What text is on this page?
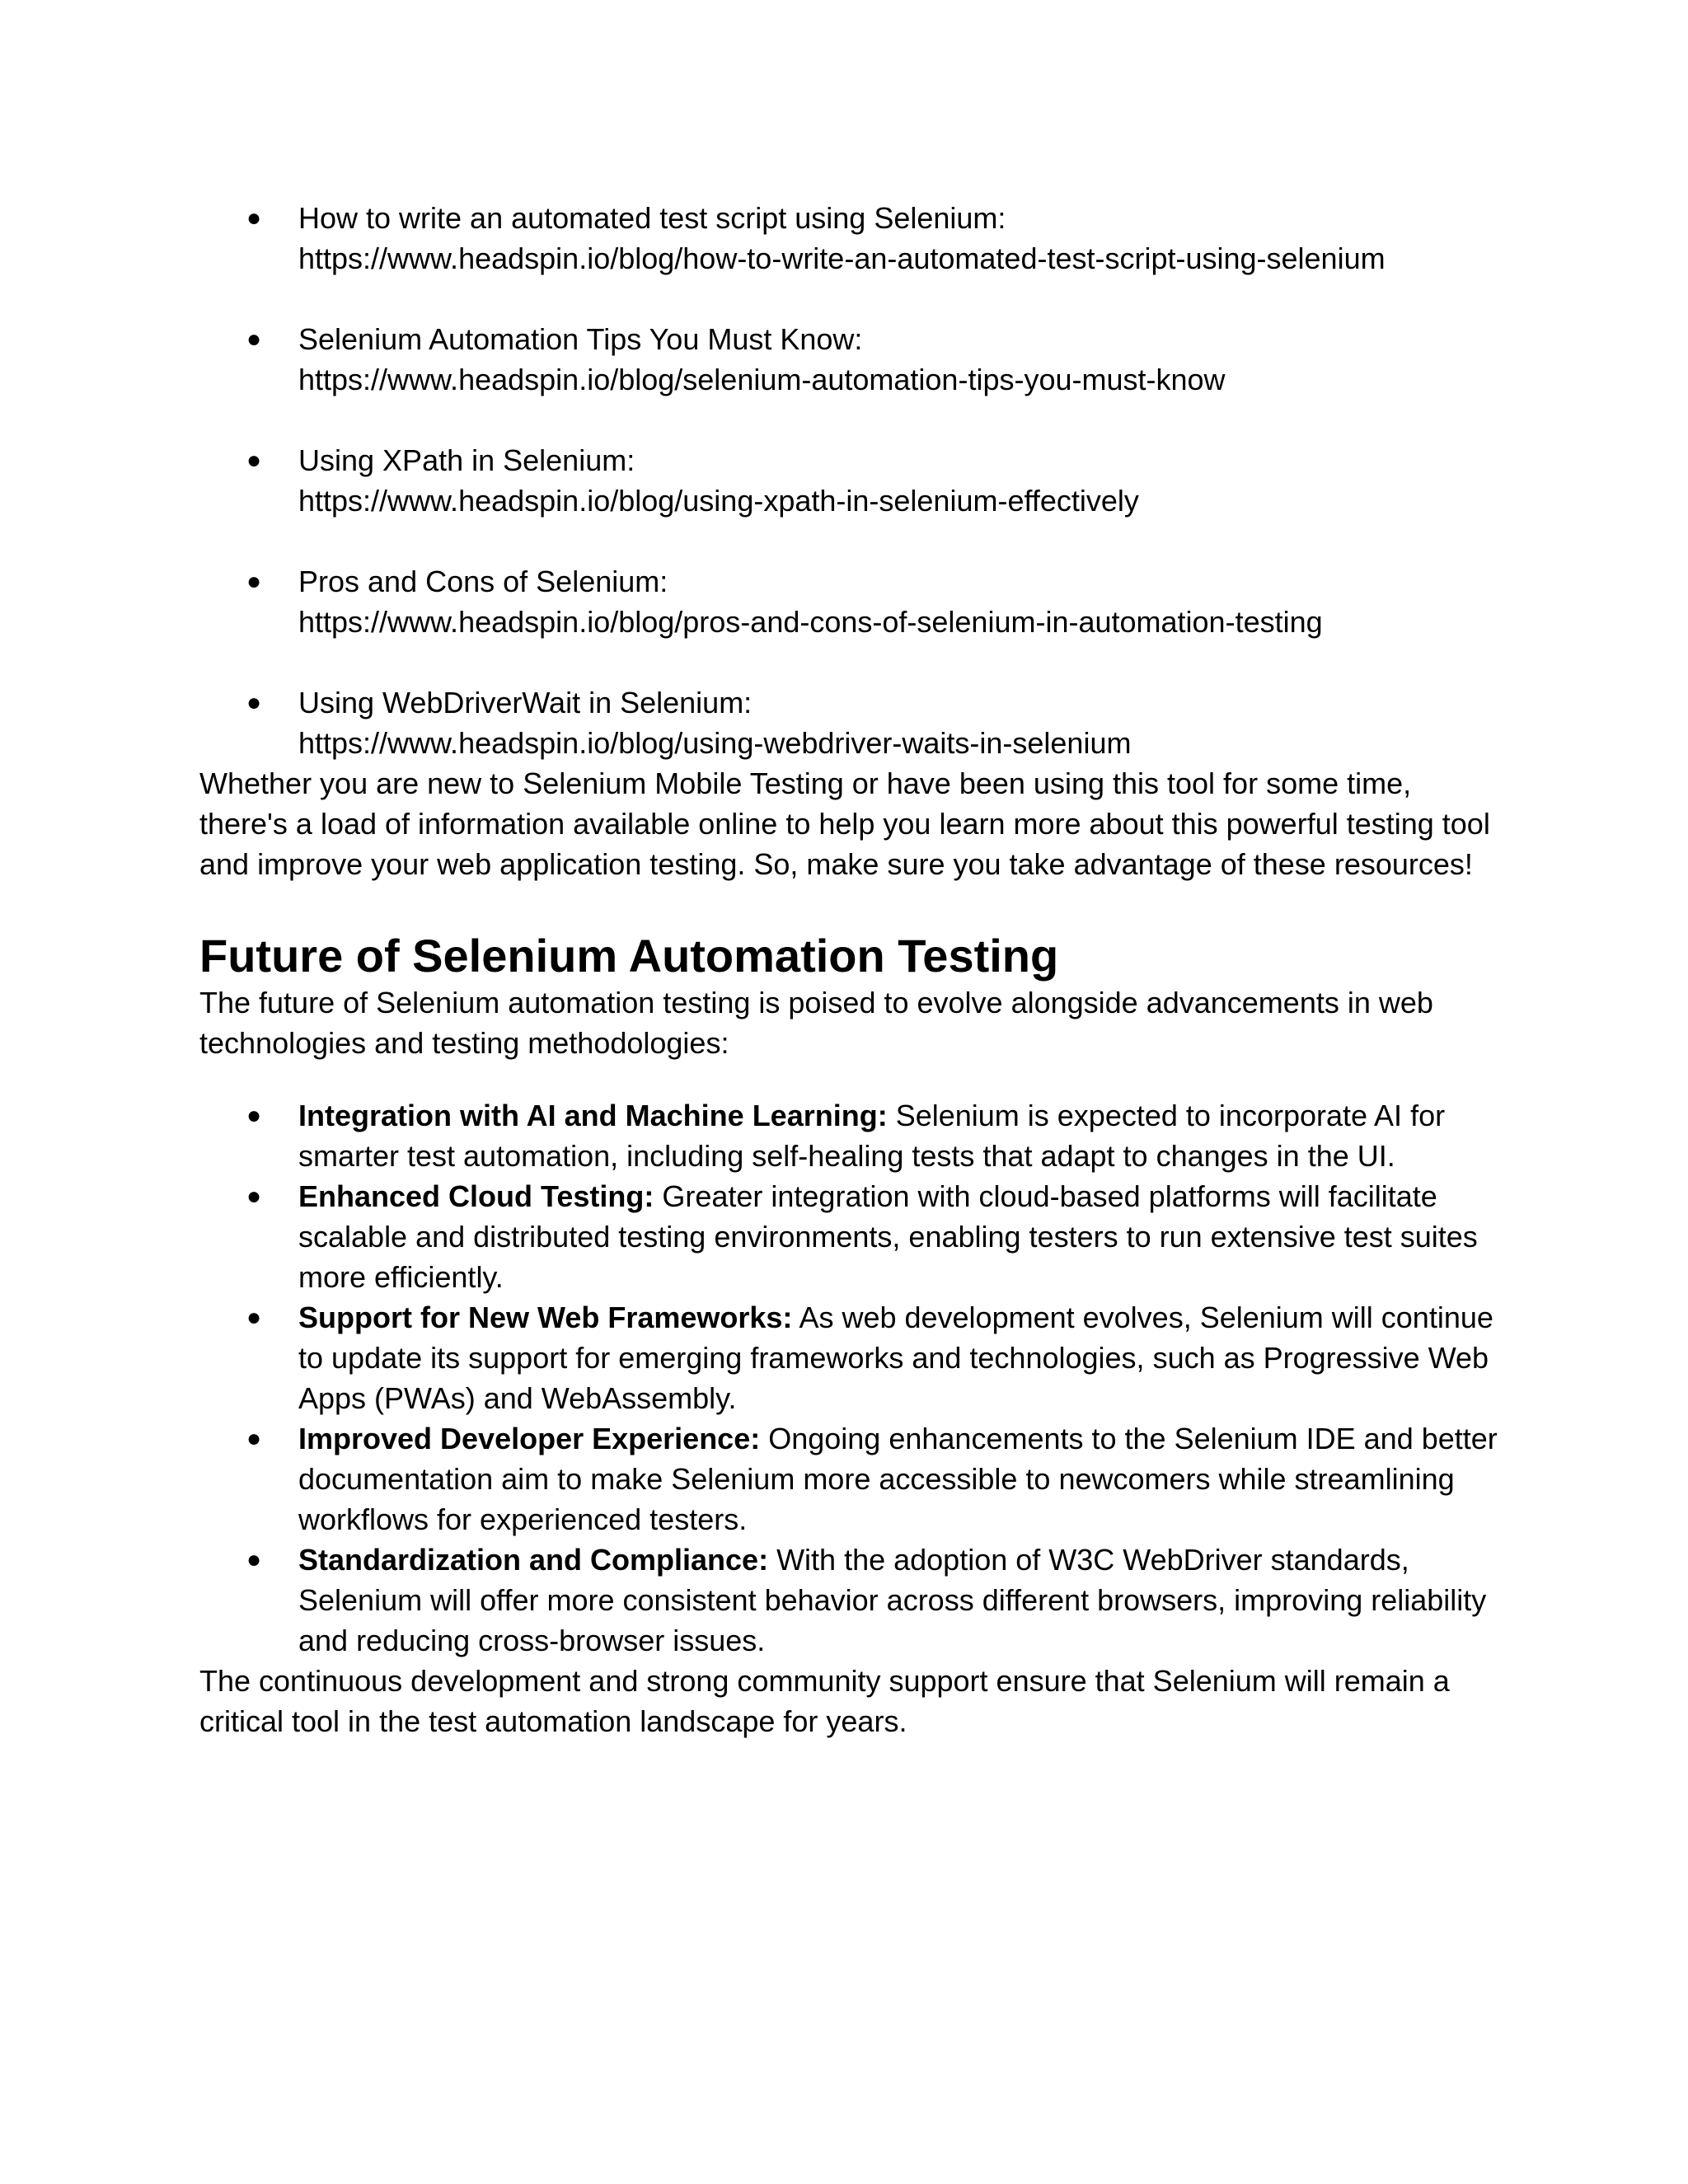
●	How to write an automated test script using Selenium:
https://www.headspin.io/blog/how-to-write-an-automated-test-script-using-selenium
●	Selenium Automation Tips You Must Know:
https://www.headspin.io/blog/selenium-automation-tips-you-must-know
●	Using XPath in Selenium:
https://www.headspin.io/blog/using-xpath-in-selenium-effectively
●	Pros and Cons of Selenium:
https://www.headspin.io/blog/pros-and-cons-of-selenium-in-automation-testing
●	Using WebDriverWait in Selenium:
https://www.headspin.io/blog/using-webdriver-waits-in-selenium

Whether you are new to Selenium Mobile Testing or have been using this tool for some time, there's a load of information available online to help you learn more about this powerful testing tool and improve your web application testing. So, make sure you take advantage of these resources!

Future of Selenium Automation Testing

The future of Selenium automation testing is poised to evolve alongside advancements in web technologies and testing methodologies:

●	Integration with AI and Machine Learning: Selenium is expected to incorporate AI for smarter test automation, including self-healing tests that adapt to changes in the UI.
●	Enhanced Cloud Testing: Greater integration with cloud-based platforms will facilitate scalable and distributed testing environments, enabling testers to run extensive test suites more efficiently.
●	Support for New Web Frameworks: As web development evolves, Selenium will continue to update its support for emerging frameworks and technologies, such as Progressive Web Apps (PWAs) and WebAssembly.
●	Improved Developer Experience: Ongoing enhancements to the Selenium IDE and better documentation aim to make Selenium more accessible to newcomers while streamlining workflows for experienced testers.
●	Standardization and Compliance: With the adoption of W3C WebDriver standards, Selenium will offer more consistent behavior across different browsers, improving reliability and reducing cross-browser issues.

The continuous development and strong community support ensure that Selenium will remain a critical tool in the test automation landscape for years.
